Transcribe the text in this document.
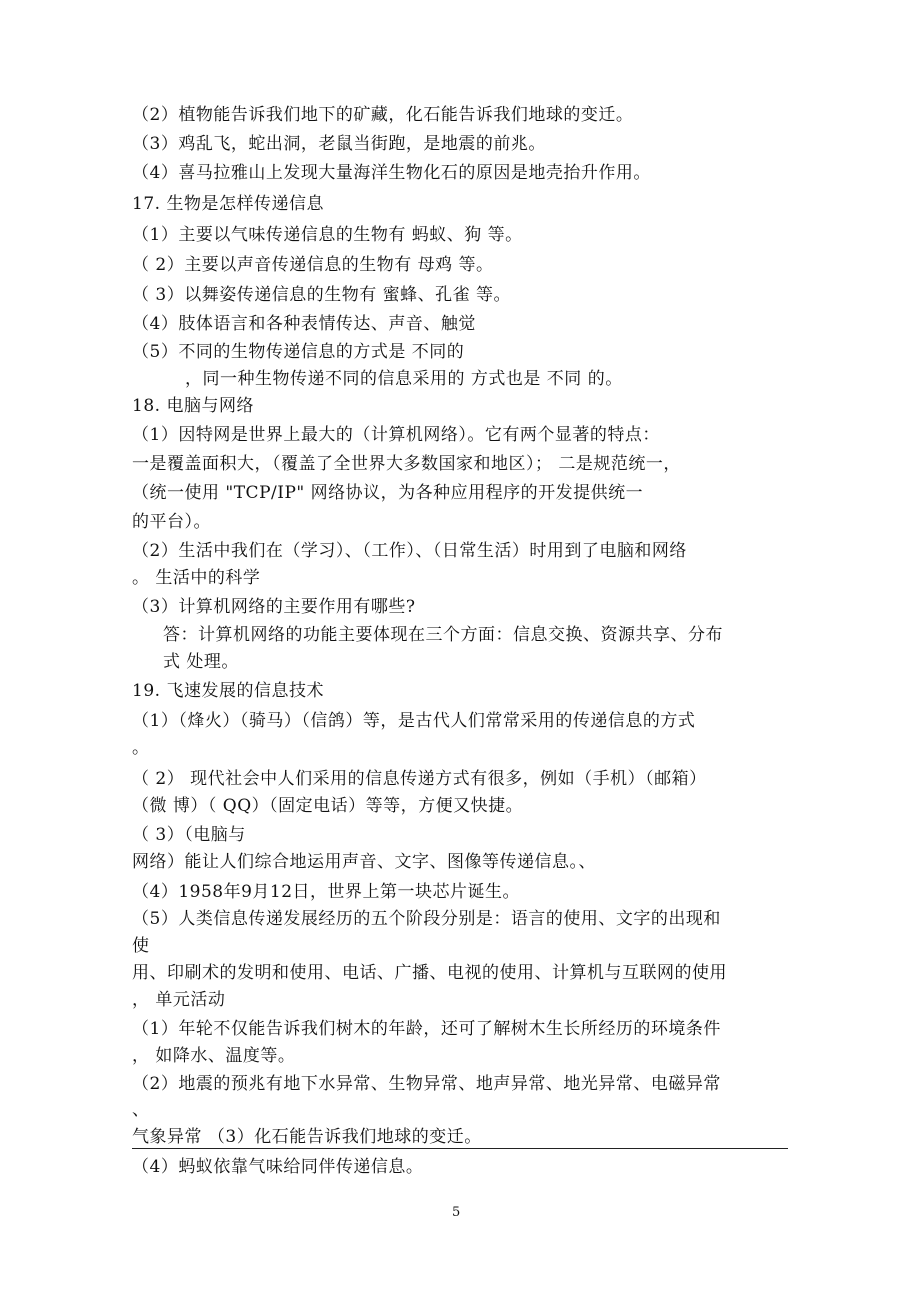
（2）植物能告诉我们地下的矿藏，化石能告诉我们地球的变迁。
（3）鸡乱飞，蛇出洞，老鼠当街跑，是地震的前兆。
（4）喜马拉雅山上发现大量海洋生物化石的原因是地壳抬升作用。
17. 生物是怎样传递信息
（1）主要以气味传递信息的生物有 蚂蚁、狗 等。
（ 2）主要以声音传递信息的生物有 母鸡 等。
（ 3）以舞姿传递信息的生物有 蜜蜂、孔雀 等。
（4）肢体语言和各种表情传达、声音、触觉
（5）不同的生物传递信息的方式是 不同的
，同一种生物传递不同的信息采用的 方式也是 不同 的。
18. 电脑与网络
（1）因特网是世界上最大的（计算机网络）。它有两个显著的特点：
一是覆盖面积大，（覆盖了全世界大多数国家和地区）； 二是规范统一，
（统一使用 "TCP/IP" 网络协议，为各种应用程序的开发提供统一
的平台）。
（2）生活中我们在（学习）、（工作）、（日常生活）时用到了电脑和网络
。 生活中的科学
（3）计算机网络的主要作用有哪些?
答：计算机网络的功能主要体现在三个方面：信息交换、资源共享、分布
式 处理。
19. 飞速发展的信息技术
（1）（烽火）（骑马）（信鸽）等，是古代人们常常采用的传递信息的方式
。
（ 2） 现代社会中人们采用的信息传递方式有很多，例如（手机）（邮箱）
（微 博）（ QQ）（固定电话）等等，方便又快捷。
（ 3）（电脑与
网络）能让人们综合地运用声音、文字、图像等传递信息。、
（4）1958年9月12日，世界上第一块芯片诞生。
（5）人类信息传递发展经历的五个阶段分别是：语言的使用、文字的出现和
使
用、印刷术的发明和使用、电话、广播、电视的使用、计算机与互联网的使用
， 单元活动
（1）年轮不仅能告诉我们树木的年龄，还可了解树木生长所经历的环境条件
， 如降水、温度等。
（2）地震的预兆有地下水异常、生物异常、地声异常、地光异常、电磁异常
、
气象异常 （3）化石能告诉我们地球的变迁。
（4）蚂蚁依靠气味给同伴传递信息。
5
